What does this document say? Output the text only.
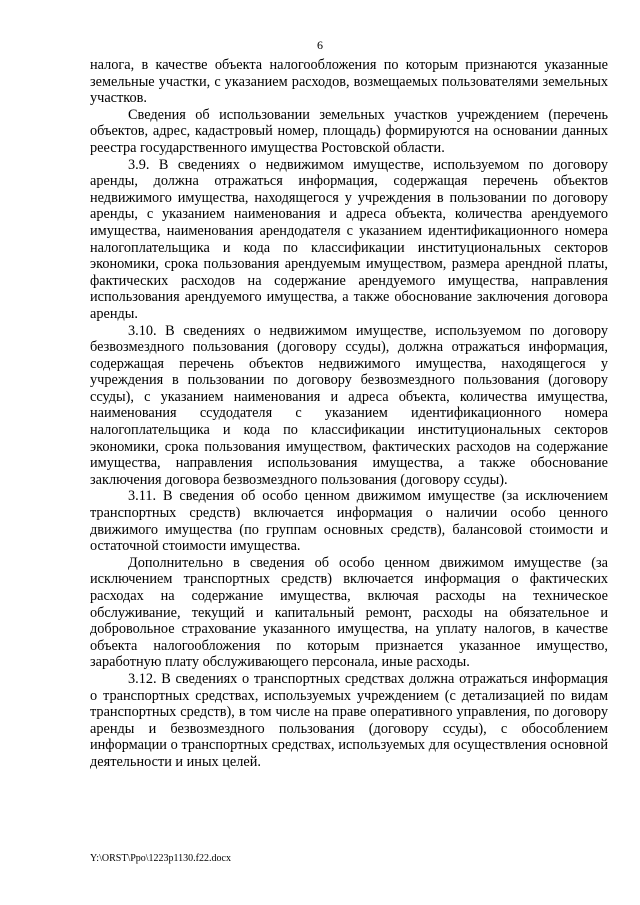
6

налога, в качестве объекта налогообложения по которым признаются указанные земельные участки, с указанием расходов, возмещаемых пользователями земельных участков.

Сведения об использовании земельных участков учреждением (перечень объектов, адрес, кадастровый номер, площадь) формируются на основании данных реестра государственного имущества Ростовской области.

3.9. В сведениях о недвижимом имуществе, используемом по договору аренды, должна отражаться информация, содержащая перечень объектов недвижимого имущества, находящегося у учреждения в пользовании по договору аренды, с указанием наименования и адреса объекта, количества арендуемого имущества, наименования арендодателя с указанием идентификационного номера налогоплательщика и кода по классификации институциональных секторов экономики, срока пользования арендуемым имуществом, размера арендной платы, фактических расходов на содержание арендуемого имущества, направления использования арендуемого имущества, а также обоснование заключения договора аренды.

3.10. В сведениях о недвижимом имуществе, используемом по договору безвозмездного пользования (договору ссуды), должна отражаться информация, содержащая перечень объектов недвижимого имущества, находящегося у учреждения в пользовании по договору безвозмездного пользования (договору ссуды), с указанием наименования и адреса объекта, количества имущества, наименования ссудодателя с указанием идентификационного номера налогоплательщика и кода по классификации институциональных секторов экономики, срока пользования имуществом, фактических расходов на содержание имущества, направления использования имущества, а также обоснование заключения договора безвозмездного пользования (договору ссуды).

3.11. В сведения об особо ценном движимом имуществе (за исключением транспортных средств) включается информация о наличии особо ценного движимого имущества (по группам основных средств), балансовой стоимости и остаточной стоимости имущества.

Дополнительно в сведения об особо ценном движимом имуществе (за исключением транспортных средств) включается информация о фактических расходах на содержание имущества, включая расходы на техническое обслуживание, текущий и капитальный ремонт, расходы на обязательное и добровольное страхование указанного имущества, на уплату налогов, в качестве объекта налогообложения по которым признается указанное имущество, заработную плату обслуживающего персонала, иные расходы.

3.12. В сведениях о транспортных средствах должна отражаться информация о транспортных средствах, используемых учреждением (с детализацией по видам транспортных средств), в том числе на праве оперативного управления, по договору аренды и безвозмездного пользования (договору ссуды), с обособлением информации о транспортных средствах, используемых для осуществления основной деятельности и иных целей.

Y:\ORST\Ppo\1223p1130.f22.docx
